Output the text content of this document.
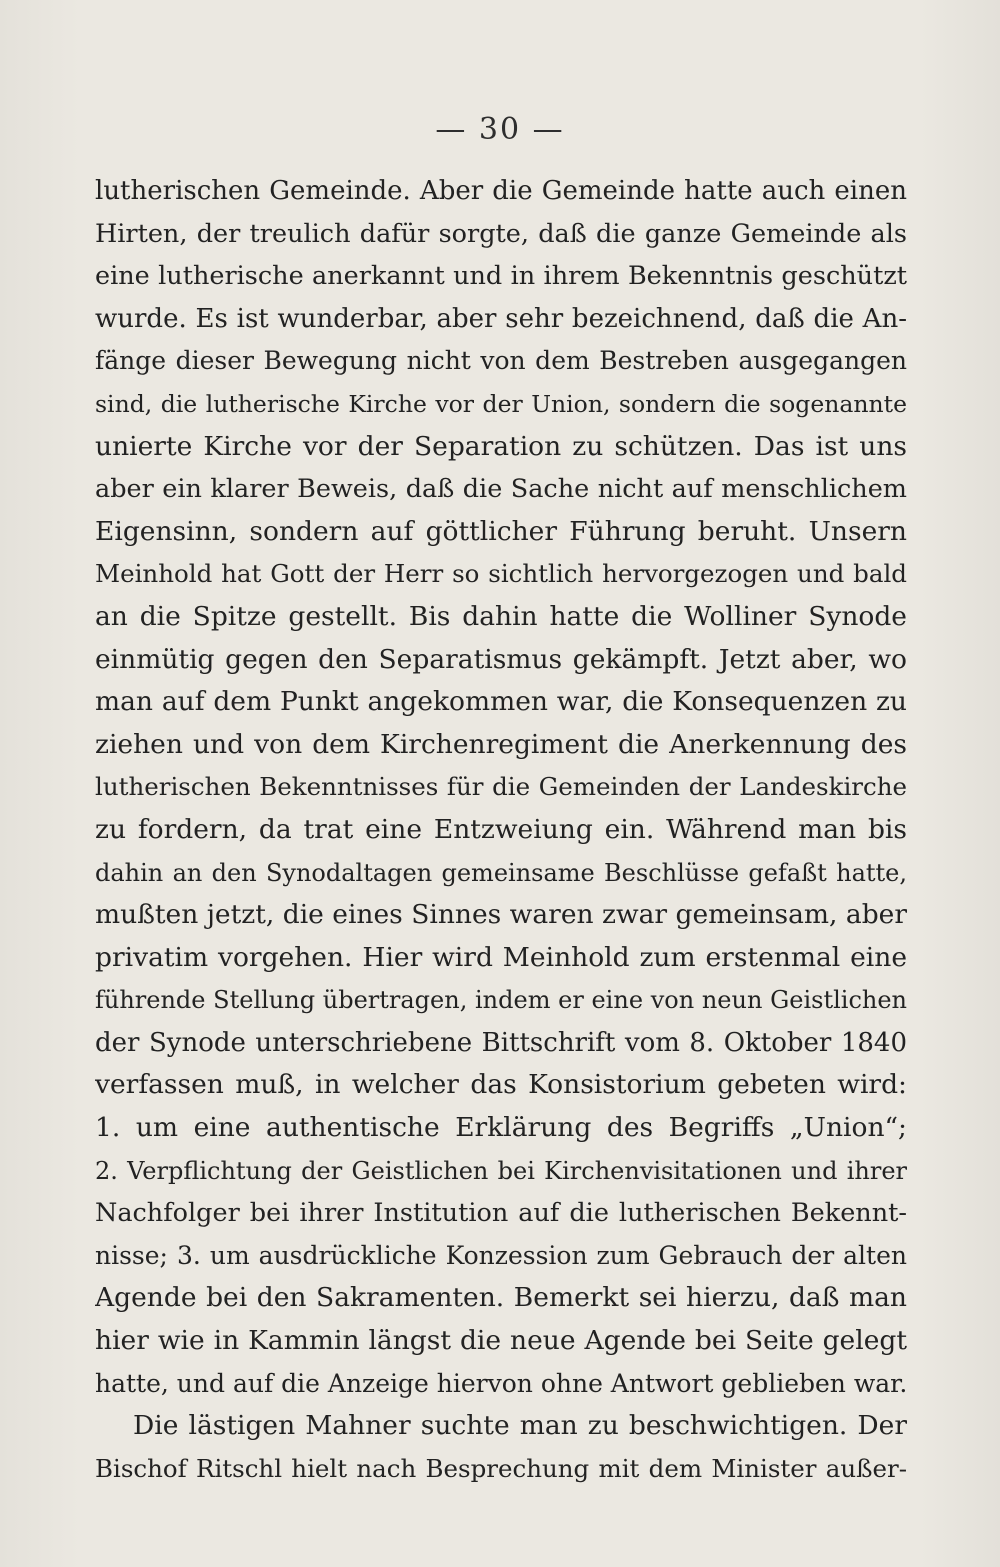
— 30 —
lutherischen Gemeinde. Aber die Gemeinde hatte auch einen
Hirten, der treulich dafür sorgte, daß die ganze Gemeinde als
eine lutherische anerkannt und in ihrem Bekenntnis geschützt
wurde. Es ist wunderbar, aber sehr bezeichnend, daß die An-
fänge dieser Bewegung nicht von dem Bestreben ausgegangen
sind, die lutherische Kirche vor der Union, sondern die sogenannte
unierte Kirche vor der Separation zu schützen. Das ist uns
aber ein klarer Beweis, daß die Sache nicht auf menschlichem
Eigensinn, sondern auf göttlicher Führung beruht. Unsern
Meinhold hat Gott der Herr so sichtlich hervorgezogen und bald
an die Spitze gestellt. Bis dahin hatte die Wolliner Synode
einmütig gegen den Separatismus gekämpft. Jetzt aber, wo
man auf dem Punkt angekommen war, die Konsequenzen zu
ziehen und von dem Kirchenregiment die Anerkennung des
lutherischen Bekenntnisses für die Gemeinden der Landeskirche
zu fordern, da trat eine Entzweiung ein. Während man bis
dahin an den Synodaltagen gemeinsame Beschlüsse gefaßt hatte,
mußten jetzt, die eines Sinnes waren zwar gemeinsam, aber
privatim vorgehen. Hier wird Meinhold zum erstenmal eine
führende Stellung übertragen, indem er eine von neun Geistlichen
der Synode unterschriebene Bittschrift vom 8. Oktober 1840
verfassen muß, in welcher das Konsistorium gebeten wird:
1. um eine authentische Erklärung des Begriffs „Union“;
2. Verpflichtung der Geistlichen bei Kirchenvisitationen und ihrer
Nachfolger bei ihrer Institution auf die lutherischen Bekennt-
nisse; 3. um ausdrückliche Konzession zum Gebrauch der alten
Agende bei den Sakramenten. Bemerkt sei hierzu, daß man
hier wie in Kammin längst die neue Agende bei Seite gelegt
hatte, und auf die Anzeige hiervon ohne Antwort geblieben war.
Die lästigen Mahner suchte man zu beschwichtigen. Der
Bischof Ritschl hielt nach Besprechung mit dem Minister außer-
